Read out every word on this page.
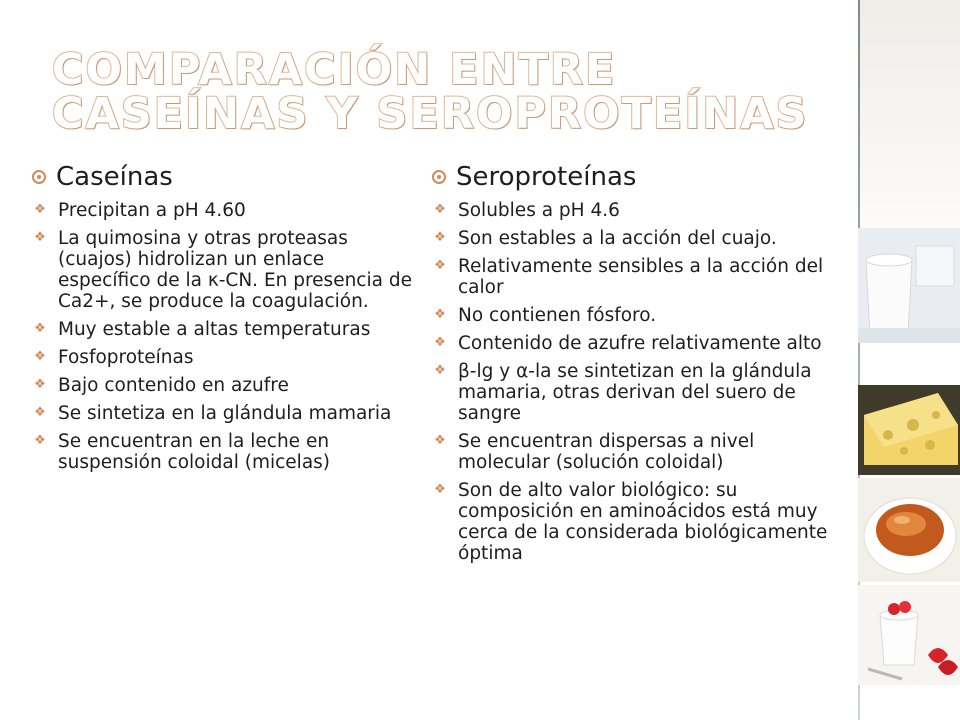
COMPARACIÓN ENTRE CASEÍNAS Y SEROPROTEÍNAS
Caseínas
❖ Precipitan a pH 4.60
❖ La quimosina y otras proteasas (cuajos) hidrolizan un enlace específico de la κ-CN. En presencia de Ca2+, se produce la coagulación.
❖ Muy estable a altas temperaturas
❖ Fosfoproteínas
❖ Bajo contenido en azufre
❖ Se sintetiza en la glándula mamaria
❖ Se encuentran en la leche en suspensión coloidal (micelas)
Seroproteínas
❖ Solubles a pH 4.6
❖ Son estables a la acción del cuajo.
❖ Relativamente sensibles a la acción del calor
❖ No contienen fósforo.
❖ Contenido de azufre relativamente alto
❖ β-lg y α-la se sintetizan en la glándula mamaria, otras derivan del suero de sangre
❖ Se encuentran dispersas a nivel molecular (solución coloidal)
❖ Son de alto valor biológico: su composición en aminoácidos está muy cerca de la considerada biológicamente óptima
